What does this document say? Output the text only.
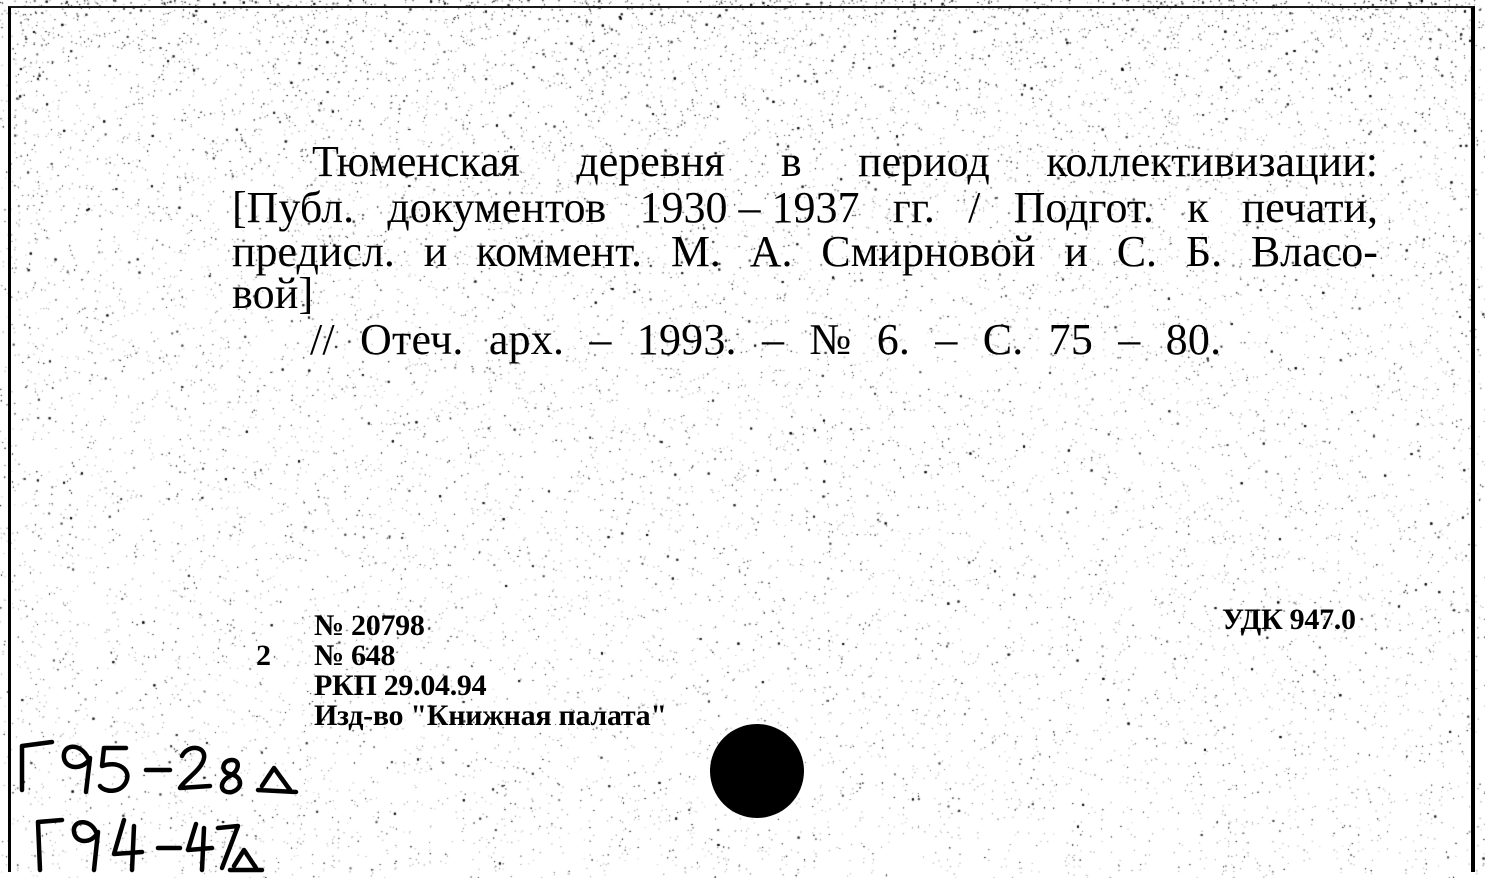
Тюменская деревня в период коллективизации:
[Публ. документов 1930 – 1937 гг. / Подгот. к печати,
предисл. и коммент. М. А. Смирновой и С. Б. Власо-
вой]
// Отеч. арх. – 1993. – № 6. – С. 75 – 80.
№ 20798
2 № 648
РКП 29.04.94
Изд-во "Книжная палата"
УДК 947.0
